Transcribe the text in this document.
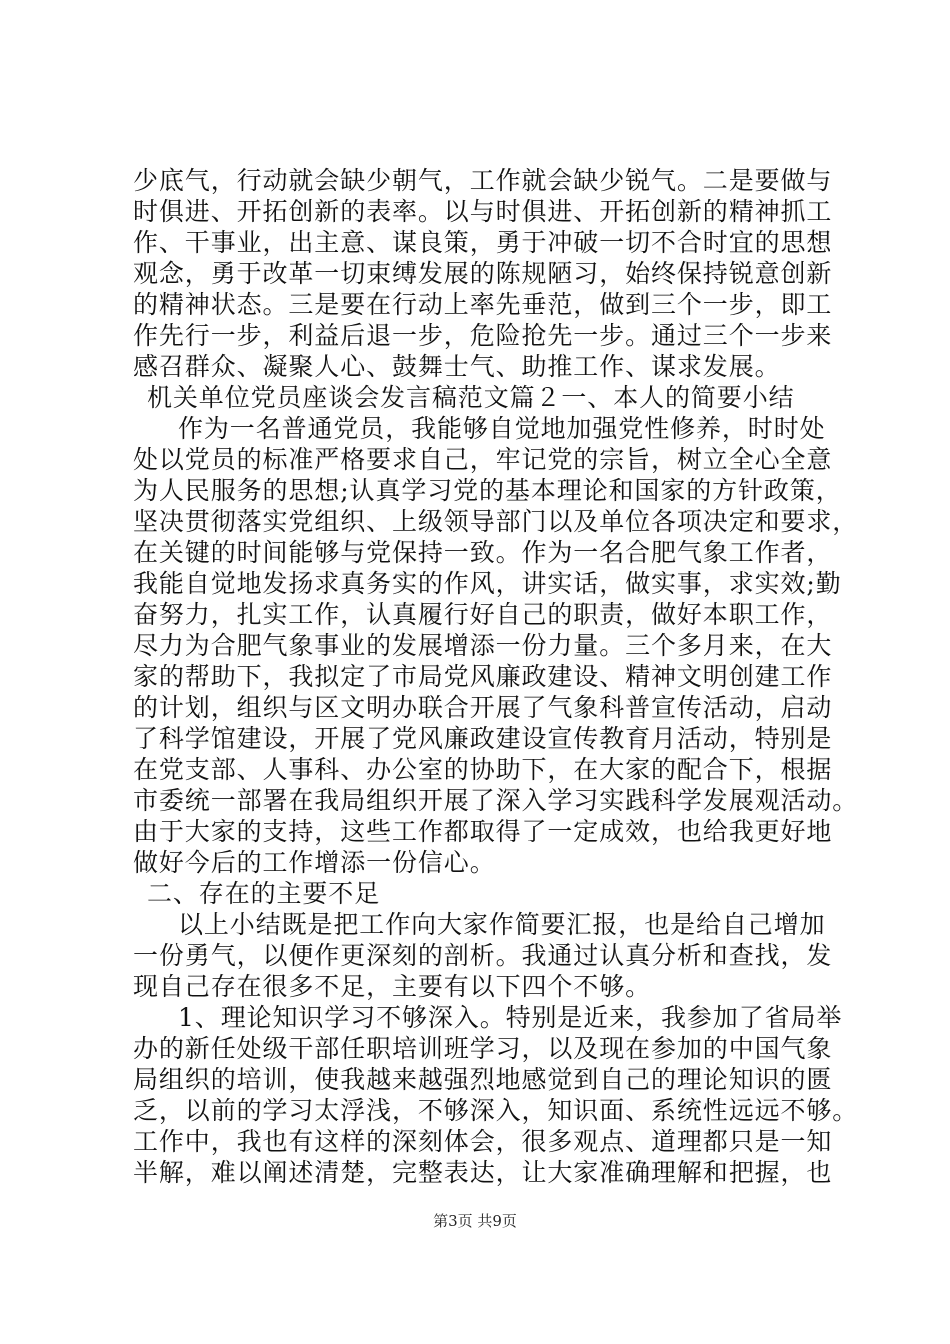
少底气，行动就会缺少朝气，工作就会缺少锐气。二是要做与
时俱进、开拓创新的表率。以与时俱进、开拓创新的精神抓工
作、干事业，出主意、谋良策，勇于冲破一切不合时宜的思想
观念，勇于改革一切束缚发展的陈规陋习，始终保持锐意创新
的精神状态。三是要在行动上率先垂范，做到三个一步，即工
作先行一步，利益后退一步，危险抢先一步。通过三个一步来
感召群众、凝聚人心、鼓舞士气、助推工作、谋求发展。
机关单位党员座谈会发言稿范文篇２一、本人的简要小结
作为一名普通党员，我能够自觉地加强党性修养，时时处
处以党员的标准严格要求自己，牢记党的宗旨，树立全心全意
为人民服务的思想;认真学习党的基本理论和国家的方针政策，
坚决贯彻落实党组织、上级领导部门以及单位各项决定和要求，
在关键的时间能够与党保持一致。作为一名合肥气象工作者，
我能自觉地发扬求真务实的作风，讲实话，做实事，求实效;勤
奋努力，扎实工作，认真履行好自己的职责，做好本职工作，
尽力为合肥气象事业的发展增添一份力量。三个多月来，在大
家的帮助下，我拟定了市局党风廉政建设、精神文明创建工作
的计划，组织与区文明办联合开展了气象科普宣传活动，启动
了科学馆建设，开展了党风廉政建设宣传教育月活动，特别是
在党支部、人事科、办公室的协助下，在大家的配合下，根据
市委统一部署在我局组织开展了深入学习实践科学发展观活动。
由于大家的支持，这些工作都取得了一定成效，也给我更好地
做好今后的工作增添一份信心。
二、存在的主要不足
以上小结既是把工作向大家作简要汇报，也是给自己增加
一份勇气，以便作更深刻的剖析。我通过认真分析和查找，发
现自己存在很多不足，主要有以下四个不够。
1、理论知识学习不够深入。特别是近来，我参加了省局举
办的新任处级干部任职培训班学习，以及现在参加的中国气象
局组织的培训，使我越来越强烈地感觉到自己的理论知识的匮
乏，以前的学习太浮浅，不够深入，知识面、系统性远远不够。
工作中，我也有这样的深刻体会，很多观点、道理都只是一知
半解，难以阐述清楚，完整表达，让大家准确理解和把握，也
第3页 共9页
